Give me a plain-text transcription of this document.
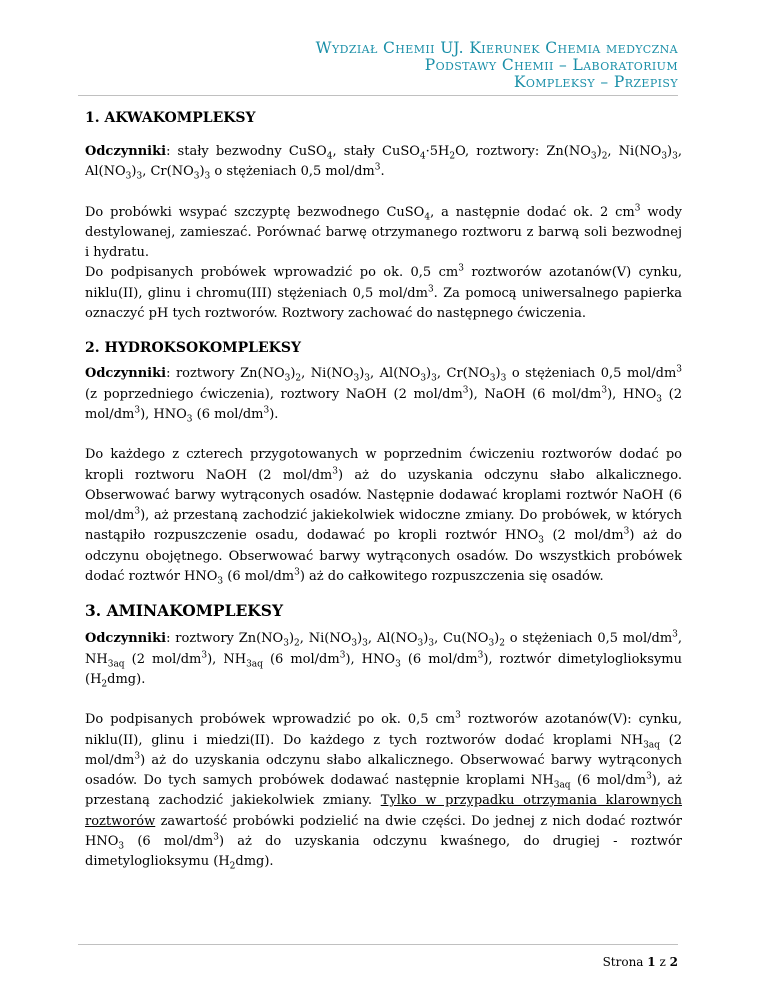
Wydział Chemii UJ. Kierunek Chemia medyczna
Podstawy Chemii – Laboratorium
Kompleksy – Przepisy
1. AKWAKOMPLEKSY

Odczynniki: stały bezwodny CuSO$_4$, stały $CuSO_4\cdot 5H_2O$, roztwory: $Zn(NO_3)_2$, $Ni(NO_3)_3$, $Al(NO_3)_3$, $Cr(NO_3)_3$ o stężeniach 0,5 mol/$dm^3$.

Do probówki wsypać szczyptę bezwodnego CuSO$_4$, a następnie dodać ok. 2 $cm^3$ wody destylowanej, zamieszać. Porównać barwę otrzymanego roztworu z barwą soli bezwodnej i hydratu.

Do podpisanych probówek wprowadzić po ok. 0,5 $cm^3$ roztworów azotanów(V) cynku, niklu(II), glinu i chromu(III) stężeniach 0,5 mol/$dm^3$. Za pomocą uniwersalnego papierka oznaczyć pH tych roztworów. Roztwory zachować do następnego ćwiczenia.

2. HYDROKSOKOMPLEKSY

Odczynniki: roztwory $Zn(NO_3)_2$, $Ni(NO_3)_3$, $Al(NO_3)_3$, $Cr(NO_3)_3$ o stężeniach 0,5 mol/$dm^3$ (z poprzedniego ćwiczenia), roztwory NaOH (2 mol/$dm^3$), NaOH (6 mol/$dm^3$), $HNO_3$ (2 mol/$dm^3$), $HNO_3$ (6 mol/$dm^3$).

Do każdego z czterech przygotowanych w poprzednim ćwiczeniu roztworów dodać po kropli roztworu NaOH (2 mol/$dm^3$) aż do uzyskania odczynu słabo alkalicznego. Obserwować barwy wytrąconych osadów. Następnie dodawać kroplami roztwór NaOH (6 mol/$dm^3$), aż przestaną zachodzić jakiekolwiek widoczne zmiany. Do probówek, w których nastąpiło rozpuszczenie osadu, dodawać po kropli roztwór $HNO_3$ (2 mol/$dm^3$) aż do odczynu obojętnego. Obserwować barwy wytrąconych osadów. Do wszystkich probówek dodać roztwór $HNO_3$ (6 mol/$dm^3$) aż do całkowitego rozpuszczenia się osadów.

3. AMINAKOMPLEKSY

Odczynniki: roztwory $Zn(NO_3)_2$, $Ni(NO_3)_3$, $Al(NO_3)_3$, $Cu(NO_3)_2$ o stężeniach 0,5 mol/$dm^3$, $NH_{3aq}$ (2 mol/$dm^3$), $NH_{3aq}$ (6 mol/$dm^3$), $HNO_3$ (6 mol/$dm^3$), roztwór dimetyloglioksymu $(H_2dmg)$.

Do podpisanych probówek wprowadzić po ok. 0,5 $cm^3$ roztworów azotanów(V): cynku, niklu(II), glinu i miedzi(II). Do każdego z tych roztworów dodać kroplami $NH_{3aq}$ (2 mol/$dm^3$) aż do uzyskania odczynu słabo alkalicznego. Obserwować barwy wytrąconych osadów. Do tych samych probówek dodawać następnie kroplami $NH_{3aq}$ (6 mol/$dm^3$), aż przestaną zachodzić jakiekolwiek zmiany. Tylko w przypadku otrzymania klarownych roztworów zawartość probówki podzielić na dwie części. Do jednej z nich dodać roztwór $HNO_3$ (6 mol/$dm^3$) aż do uzyskania odczynu kwaśnego, do drugiej - roztwór dimetyloglioksymu $(H_2dmg)$.

Strona 1 z 2
